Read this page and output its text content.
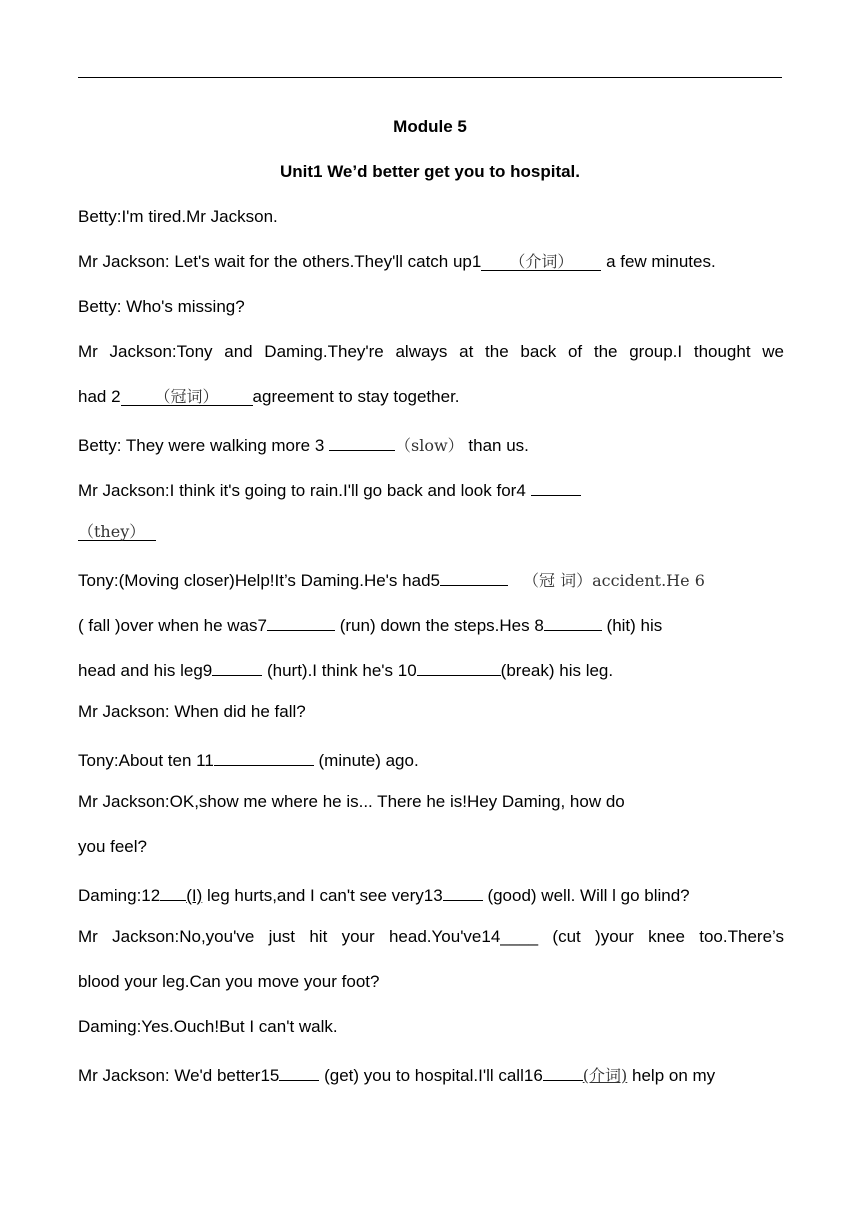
Module 5
Unit1 We’d better get you to hospital.
Betty:I'm tired.Mr Jackson.
Mr Jackson: Let's wait for the others.They'll catch up1 （介词） a few minutes.
Betty: Who's missing?
Mr Jackson:Tony and Daming.They're always at the back of the group.I thought we
had 2 （冠词） agreement to stay together.
Betty: They were walking more 3	（slow） than us.
Mr Jackson:I think it's going to rain.I'll go back and look for4
（they）
Tony:(Moving closer)Help!It’s Daming.He's had5	（冠 词）accident.He 6
( fall )over when he was7	(run) down the steps.Hes 8	(hit) his
head and his leg9	(hurt).I think he's 10	(break) his leg.
Mr Jackson: When did he fall?
Tony:About ten 11	(minute) ago.
Mr Jackson:OK,show me where he is... There he is!Hey Daming, how do
you feel?
Daming:12 (I) leg hurts,and I can't see very13 (good) well. Will l go blind?
Mr Jackson:No,you've just hit your head.You've14____ (cut )your knee too.There’s
blood your leg.Can you move your foot?
Daming:Yes.Ouch!But I can't walk.
Mr Jackson: We'd better15 (get) you to hospital.I'll call16	(介词) help on my
